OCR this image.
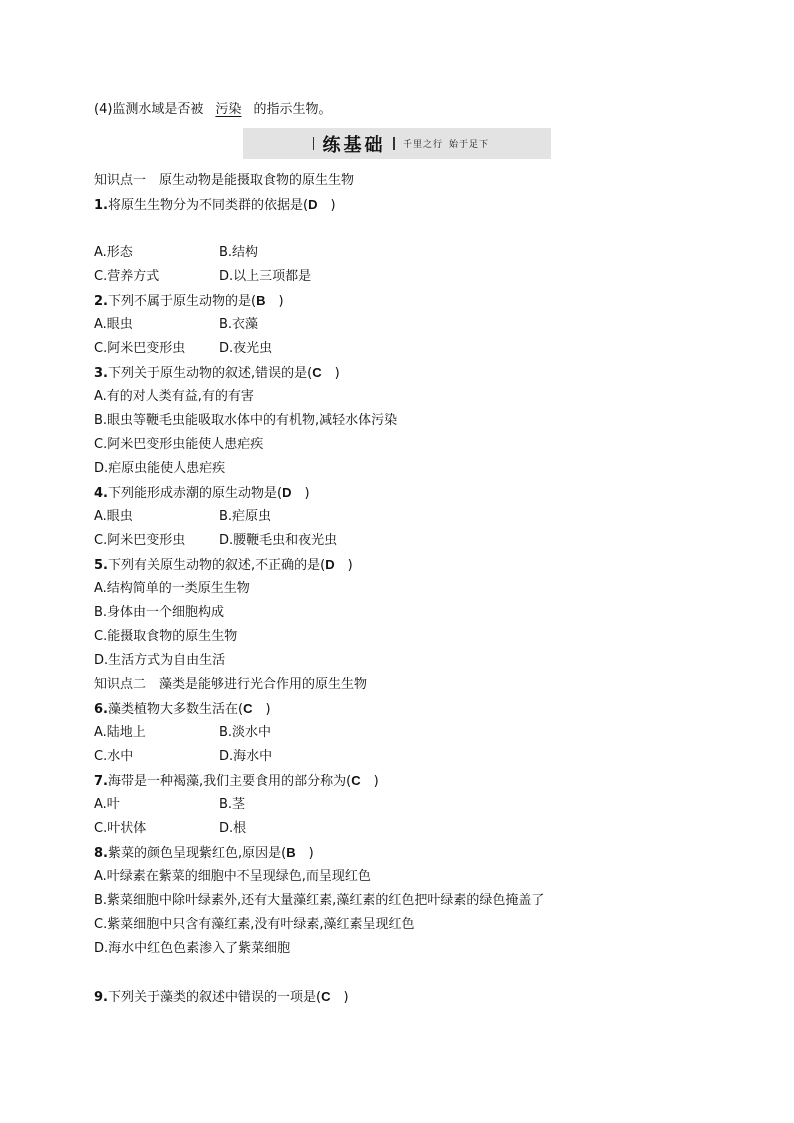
(4)监测水域是否被 污染 的指示生物。
练基础 千里之行 始于足下
知识点一　原生动物是能摄取食物的原生生物
1.将原生生物分为不同类群的依据是(D　)
A.形态	B.结构
C.营养方式	D.以上三项都是
2.下列不属于原生动物的是(B　)
A.眼虫	B.衣藻
C.阿米巴变形虫	D.夜光虫
3.下列关于原生动物的叙述,错误的是(C　)
A.有的对人类有益,有的有害
B.眼虫等鞭毛虫能吸取水体中的有机物,减轻水体污染
C.阿米巴变形虫能使人患疟疾
D.疟原虫能使人患疟疾
4.下列能形成赤潮的原生动物是(D　)
A.眼虫	B.疟原虫
C.阿米巴变形虫	D.腰鞭毛虫和夜光虫
5.下列有关原生动物的叙述,不正确的是(D　)
A.结构简单的一类原生生物
B.身体由一个细胞构成
C.能摄取食物的原生生物
D.生活方式为自由生活
知识点二　藻类是能够进行光合作用的原生生物
6.藻类植物大多数生活在(C　)
A.陆地上	B.淡水中
C.水中	D.海水中
7.海带是一种褐藻,我们主要食用的部分称为(C　)
A.叶	B.茎
C.叶状体	D.根
8.紫菜的颜色呈现紫红色,原因是(B　)
A.叶绿素在紫菜的细胞中不呈现绿色,而呈现红色
B.紫菜细胞中除叶绿素外,还有大量藻红素,藻红素的红色把叶绿素的绿色掩盖了
C.紫菜细胞中只含有藻红素,没有叶绿素,藻红素呈现红色
D.海水中红色色素渗入了紫菜细胞
9.下列关于藻类的叙述中错误的一项是(C　)
